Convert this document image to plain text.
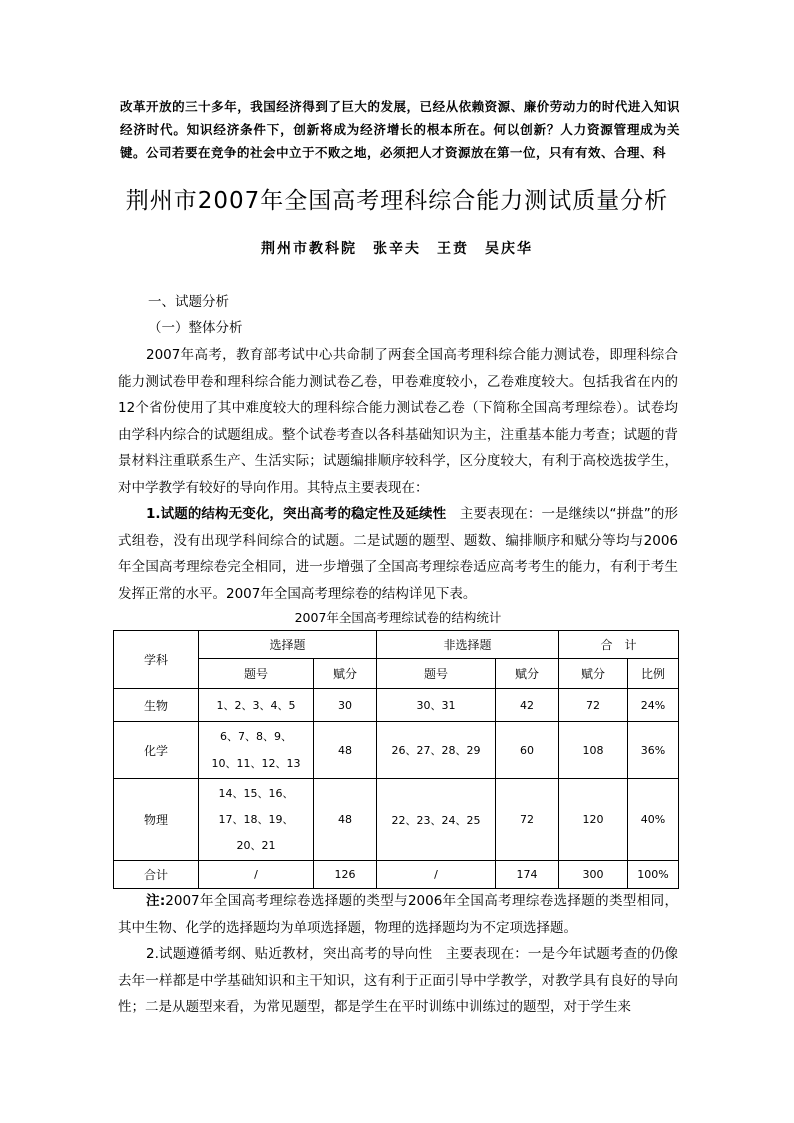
改革开放的三十多年，我国经济得到了巨大的发展，已经从依赖资源、廉价劳动力的时代进入知识经济时代。知识经济条件下，创新将成为经济增长的根本所在。何以创新？人力资源管理成为关键。公司若要在竞争的社会中立于不败之地，必须把人才资源放在第一位，只有有效、合理、科
荆州市2007年全国高考理科综合能力测试质量分析
荆州市教科院　张辛夫　王贲　吴庆华
一、试题分析
（一）整体分析
2007年高考，教育部考试中心共命制了两套全国高考理科综合能力测试卷，即理科综合能力测试卷甲卷和理科综合能力测试卷乙卷，甲卷难度较小，乙卷难度较大。包括我省在内的12个省份使用了其中难度较大的理科综合能力测试卷乙卷（下简称全国高考理综卷）。试卷均由学科内综合的试题组成。整个试卷考查以各科基础知识为主，注重基本能力考查；试题的背景材料注重联系生产、生活实际；试题编排顺序较科学，区分度较大，有利于高校选拔学生，对中学教学有较好的导向作用。其特点主要表现在：
1.试题的结构无变化，突出高考的稳定性及延续性　主要表现在：一是继续以“拼盘”的形式组卷，没有出现学科间综合的试题。二是试题的题型、题数、编排顺序和赋分等均与2006年全国高考理综卷完全相同，进一步增强了全国高考理综卷适应高考考生的能力，有利于考生发挥正常的水平。2007年全国高考理综卷的结构详见下表。
2007年全国高考理综试卷的结构统计
学科	选择题		非选择题		合　计	
	题号	赋分	题号	赋分	赋分	比例
生物	1、2、3、4、5	30	30、31	42	72	24%
化学	6、7、8、9、
10、11、12、13	48	26、27、28、29	60	108	36%
物理	14、15、16、
17、18、19、
20、21	48	22、23、24、25	72	120	40%
合计	/	126	/	174	300	100%
注:2007年全国高考理综卷选择题的类型与2006年全国高考理综卷选择题的类型相同，其中生物、化学的选择题均为单项选择题，物理的选择题均为不定项选择题。
2.试题遵循考纲、贴近教材，突出高考的导向性　主要表现在：一是今年试题考查的仍像去年一样都是中学基础知识和主干知识，这有利于正面引导中学教学，对教学具有良好的导向性；二是从题型来看，为常见题型，都是学生在平时训练中训练过的题型，对于学生来
